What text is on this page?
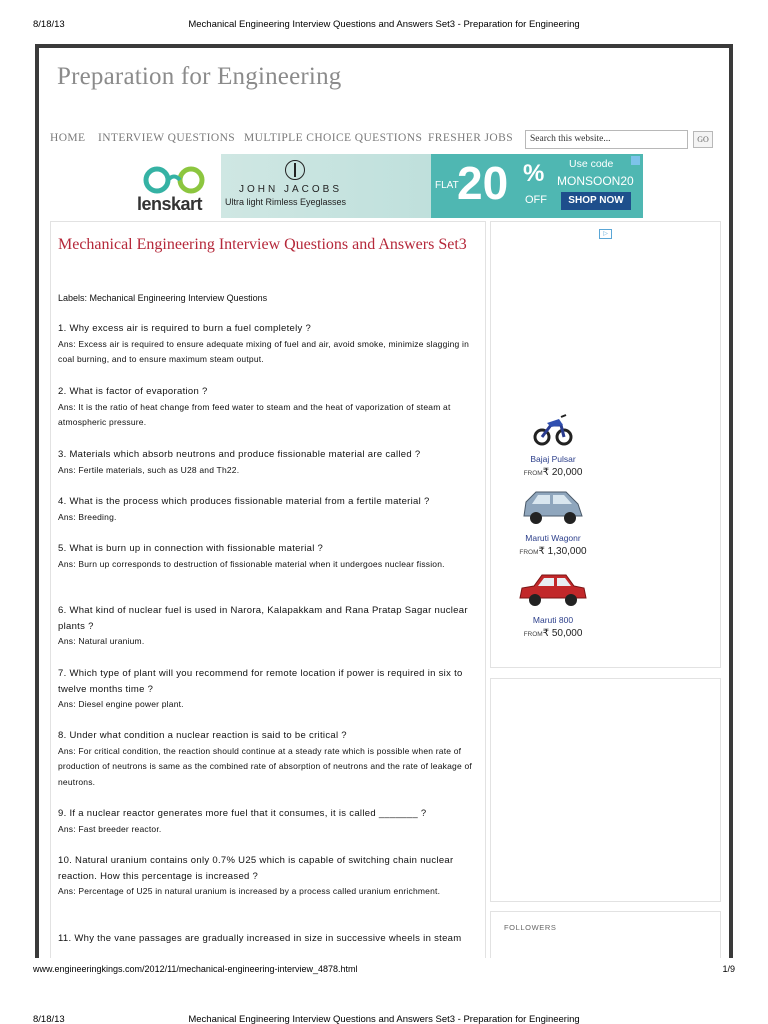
8/18/13	Mechanical Engineering Interview Questions and Answers Set3 - Preparation for Engineering
Preparation for Engineering
HOME INTERVIEW QUESTIONS MULTIPLE CHOICE QUESTIONS FRESHER JOBS	Search this website...	GO
lenskart
JOHN JACOBS
Ultra light Rimless Eyeglasses
FLAT
20 %
OFF
Use code
MONSOON20
SHOP NOW
Mechanical Engineering Interview Questions and Answers Set3
Labels: Mechanical Engineering Interview Questions
1. Why excess air is required to burn a fuel completely ?
Ans: Excess air is required to ensure adequate mixing of fuel and air, avoid smoke, minimize slagging in coal burning, and to ensure maximum steam output.
2. What is factor of evaporation ?
Ans: It is the ratio of heat change from feed water to steam and the heat of vaporization of steam at atmospheric pressure.
3. Materials which absorb neutrons and produce fissionable material are called ?
Ans: Fertile materials, such as U28 and Th22.
4. What is the process which produces fissionable material from a fertile material ?
Ans: Breeding.
5. What is burn up in connection with fissionable material ?
Ans: Burn up corresponds to destruction of fissionable material when it undergoes nuclear fission.
6. What kind of nuclear fuel is used in Narora, Kalapakkam and Rana Pratap Sagar nuclear plants ?
Ans: Natural uranium.
7. Which type of plant will you recommend for remote location if power is required in six to twelve months time ?
Ans: Diesel engine power plant.
8. Under what condition a nuclear reaction is said to be critical ?
Ans: For critical condition, the reaction should continue at a steady rate which is possible when rate of production of neutrons is same as the combined rate of absorption of neutrons and the rate of leakage of neutrons.
9. If a nuclear reactor generates more fuel that it consumes, it is called _______ ?
Ans: Fast breeder reactor.
10. Natural uranium contains only 0.7% U25 which is capable of switching chain nuclear reaction. How this percentage is increased ?
Ans: Percentage of U25 in natural uranium is increased by a process called uranium enrichment.
11. Why the vane passages are gradually increased in size in successive wheels in steam
▷
Bajaj Pulsar
FROM₹ 20,000
Maruti Wagonr
FROM₹ 1,30,000
Maruti 800
FROM₹ 50,000
FOLLOWERS
www.engineeringkings.com/2012/11/mechanical-engineering-interview_4878.html	1/9
8/18/13	Mechanical Engineering Interview Questions and Answers Set3 - Preparation for Engineering
